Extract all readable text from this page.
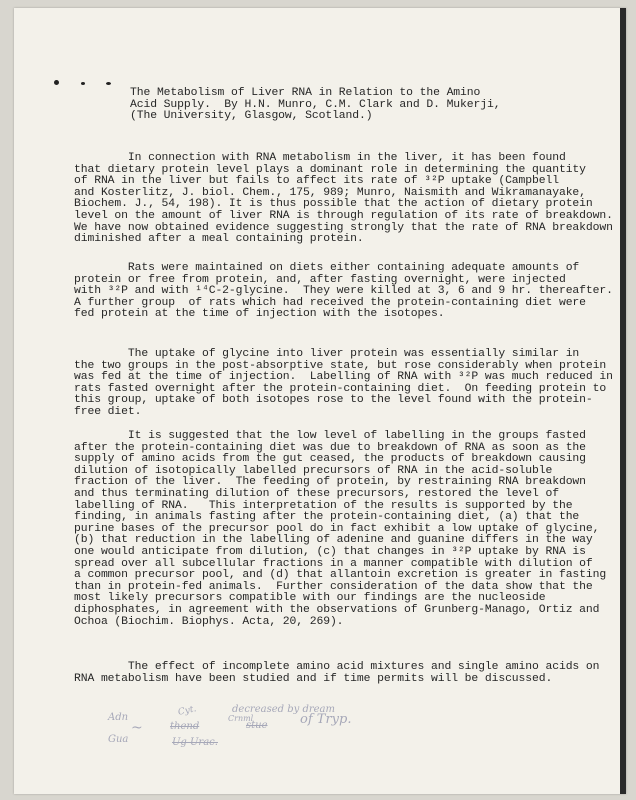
The Metabolism of Liver RNA in Relation to the Amino
Acid Supply.  By H.N. Munro, C.M. Clark and D. Mukerji,
(The University, Glasgow, Scotland.)
In connection with RNA metabolism in the liver, it has been found
that dietary protein level plays a dominant role in determining the quantity
of RNA in the liver but fails to affect its rate of ³²P uptake (Campbell
and Kosterlitz, J. biol. Chem., 175, 989; Munro, Naismith and Wikramanayake,
Biochem. J., 54, 198). It is thus possible that the action of dietary protein
level on the amount of liver RNA is through regulation of its rate of breakdown.
We have now obtained evidence suggesting strongly that the rate of RNA breakdown
diminished after a meal containing protein.
Rats were maintained on diets either containing adequate amounts of
protein or free from protein, and, after fasting overnight, were injected
with ³²P and with ¹⁴C-2-glycine.  They were killed at 3, 6 and 9 hr. thereafter.
A further group  of rats which had received the protein-containing diet were
fed protein at the time of injection with the isotopes.
The uptake of glycine into liver protein was essentially similar in
the two groups in the post-absorptive state, but rose considerably when protein
was fed at the time of injection.  Labelling of RNA with ³²P was much reduced in
rats fasted overnight after the protein-containing diet.  On feeding protein to
this group, uptake of both isotopes rose to the level found with the protein-
free diet.
It is suggested that the low level of labelling in the groups fasted
after the protein-containing diet was due to breakdown of RNA as soon as the
supply of amino acids from the gut ceased, the products of breakdown causing
dilution of isotopically labelled precursors of RNA in the acid-soluble
fraction of the liver.  The feeding of protein, by restraining RNA breakdown
and thus terminating dilution of these precursors, restored the level of
labelling of RNA.   This interpretation of the results is supported by the
finding, in animals fasting after the protein-containing diet, (a) that the
purine bases of the precursor pool do in fact exhibit a low uptake of glycine,
(b) that reduction in the labelling of adenine and guanine differs in the way
one would anticipate from dilution, (c) that changes in ³²P uptake by RNA is
spread over all subcellular fractions in a manner compatible with dilution of
a common precursor pool, and (d) that allantoin excretion is greater in fasting
than in protein-fed animals.  Further consideration of the data show that the
most likely precursors compatible with our findings are the nucleoside
diphosphates, in agreement with the observations of Grunberg-Manago, Ortiz and
Ochoa (Biochim. Biophys. Acta, 20, 269).
The effect of incomplete amino acid mixtures and single amino acids on
RNA metabolism have been studied and if time permits will be discussed.
Adn
Gua
~
Cyt.
thend
Ug Urac.
decreased by dream
Crnml
stue of Tryp.
